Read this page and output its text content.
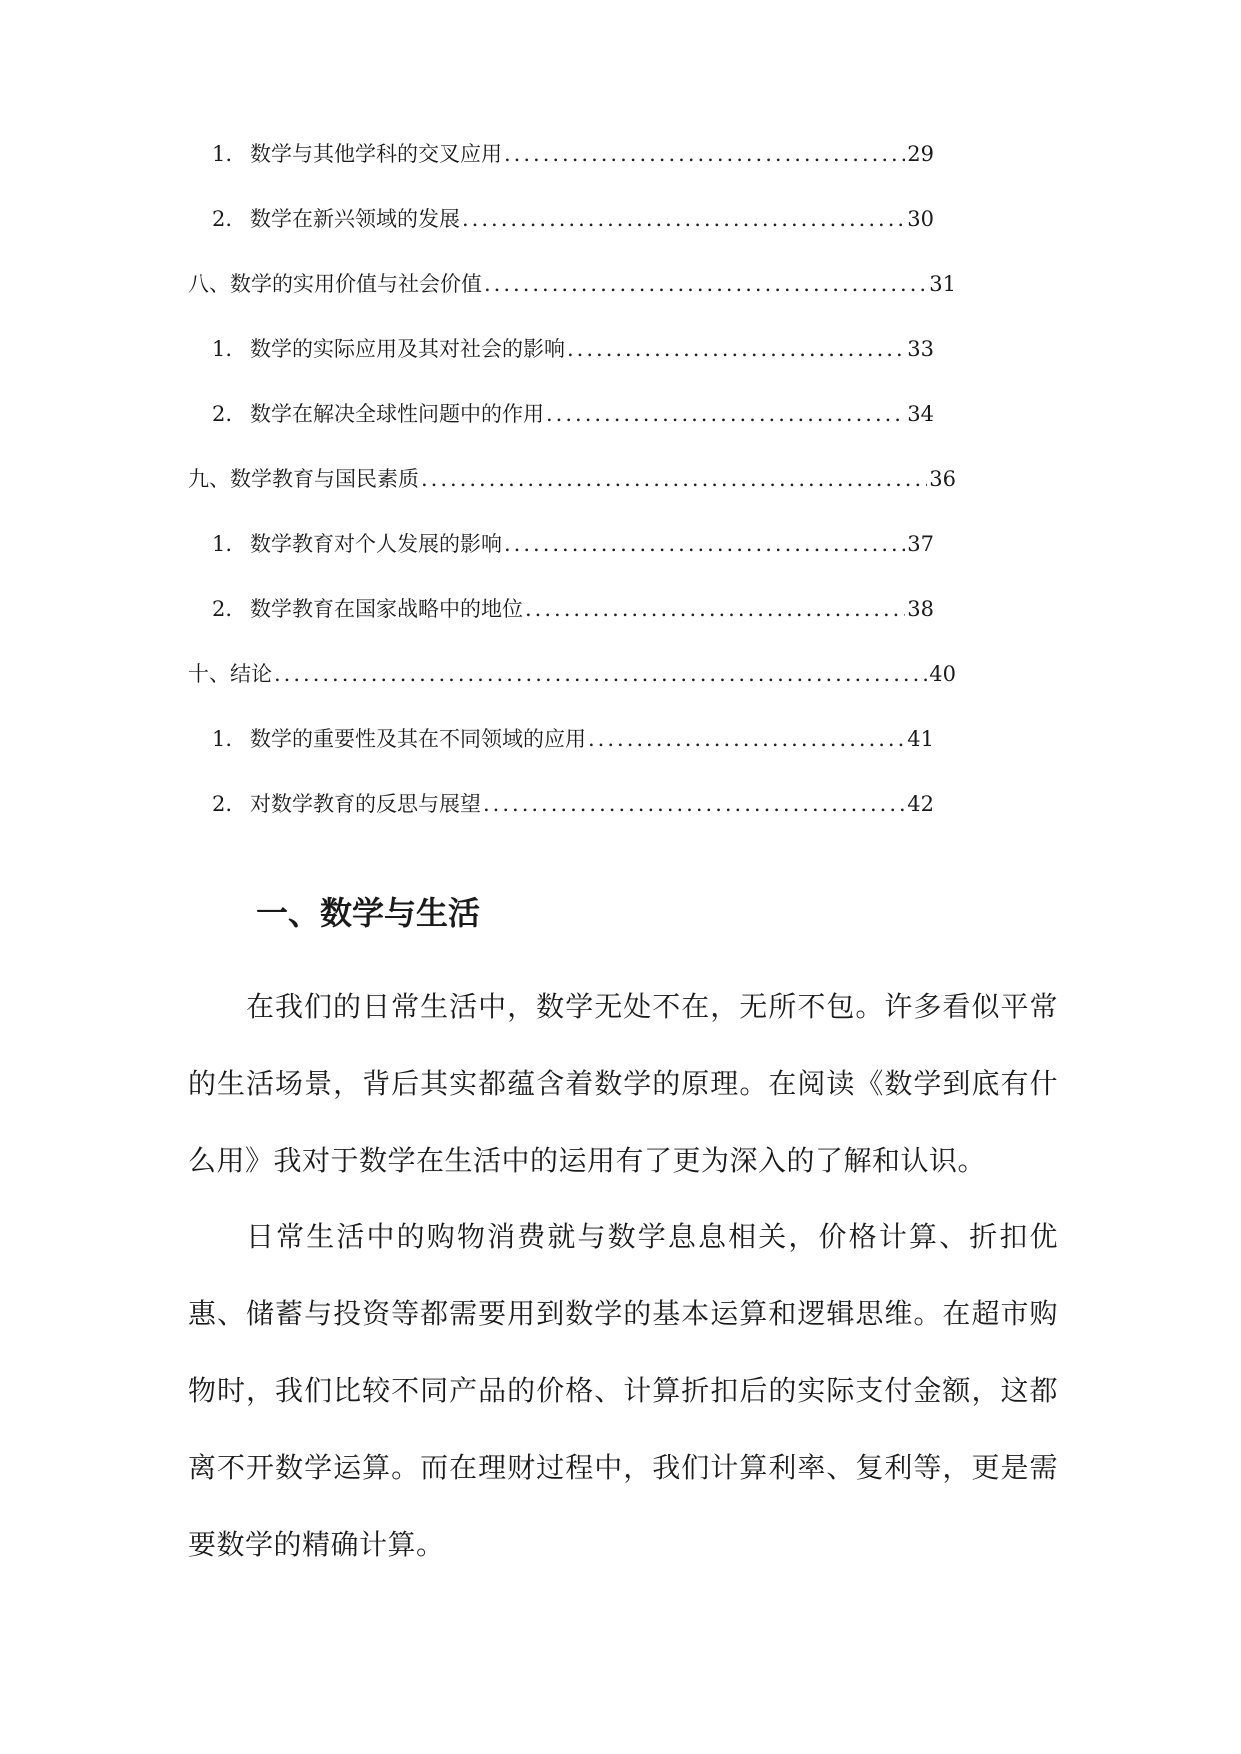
1. 数学与其他学科的交叉应用 .....	29
2. 数学在新兴领域的发展 .....	30
八、数学的实用价值与社会价值 .....	31
1. 数学的实际应用及其对社会的影响 .....	33
2. 数学在解决全球性问题中的作用 .....	34
九、数学教育与国民素质 .....	36
1. 数学教育对个人发展的影响 .....	37
2. 数学教育在国家战略中的地位 .....	38
十、结论 .....	40
1. 数学的重要性及其在不同领域的应用 .....	41
2. 对数学教育的反思与展望 .....	42
一、数学与生活

在我们的日常生活中，数学无处不在，无所不包。许多看似平常的生活场景，背后其实都蕴含着数学的原理。在阅读《数学到底有什么用》我对于数学在生活中的运用有了更为深入的了解和认识。

日常生活中的购物消费就与数学息息相关，价格计算、折扣优惠、储蓄与投资等都需要用到数学的基本运算和逻辑思维。在超市购物时，我们比较不同产品的价格、计算折扣后的实际支付金额，这都离不开数学运算。而在理财过程中，我们计算利率、复利等，更是需要数学的精确计算。
